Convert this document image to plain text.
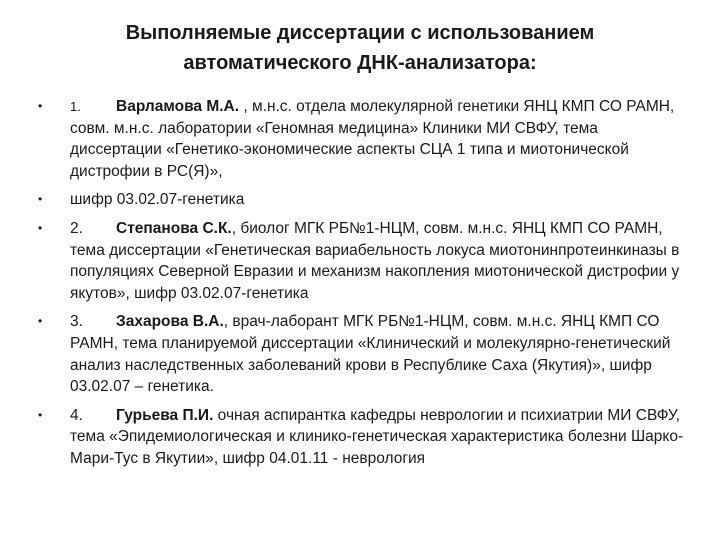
Выполняемые диссертации с использованием
автоматического ДНК-анализатора:
• 1. Варламова М.А. , м.н.с. отдела молекулярной генетики ЯНЦ КМП СО РАМН, совм. м.н.с. лаборатории «Геномная медицина» Клиники МИ СВФУ, тема диссертации «Генетико-экономические аспекты СЦА 1 типа и миотонической дистрофии в РС(Я)»,
• шифр 03.02.07-генетика
• 2. Степанова С.К., биолог МГК РБ№1-НЦМ, совм. м.н.с. ЯНЦ КМП СО РАМН, тема диссертации «Генетическая вариабельность локуса миотонинпротеинкиназы в популяциях Северной Евразии и механизм накопления миотонической дистрофии у якутов», шифр 03.02.07-генетика
• 3. Захарова В.А., врач-лаборант МГК РБ№1-НЦМ, совм. м.н.с. ЯНЦ КМП СО РАМН, тема планируемой диссертации «Клинический и молекулярно-генетический анализ наследственных заболеваний крови в Республике Саха (Якутия)», шифр 03.02.07 – генетика.
• 4. Гурьева П.И. очная аспирантка кафедры неврологии и психиатрии МИ СВФУ, тема «Эпидемиологическая и клинико-генетическая характеристика болезни Шарко-Мари-Тус в Якутии», шифр 04.01.11 - неврология
